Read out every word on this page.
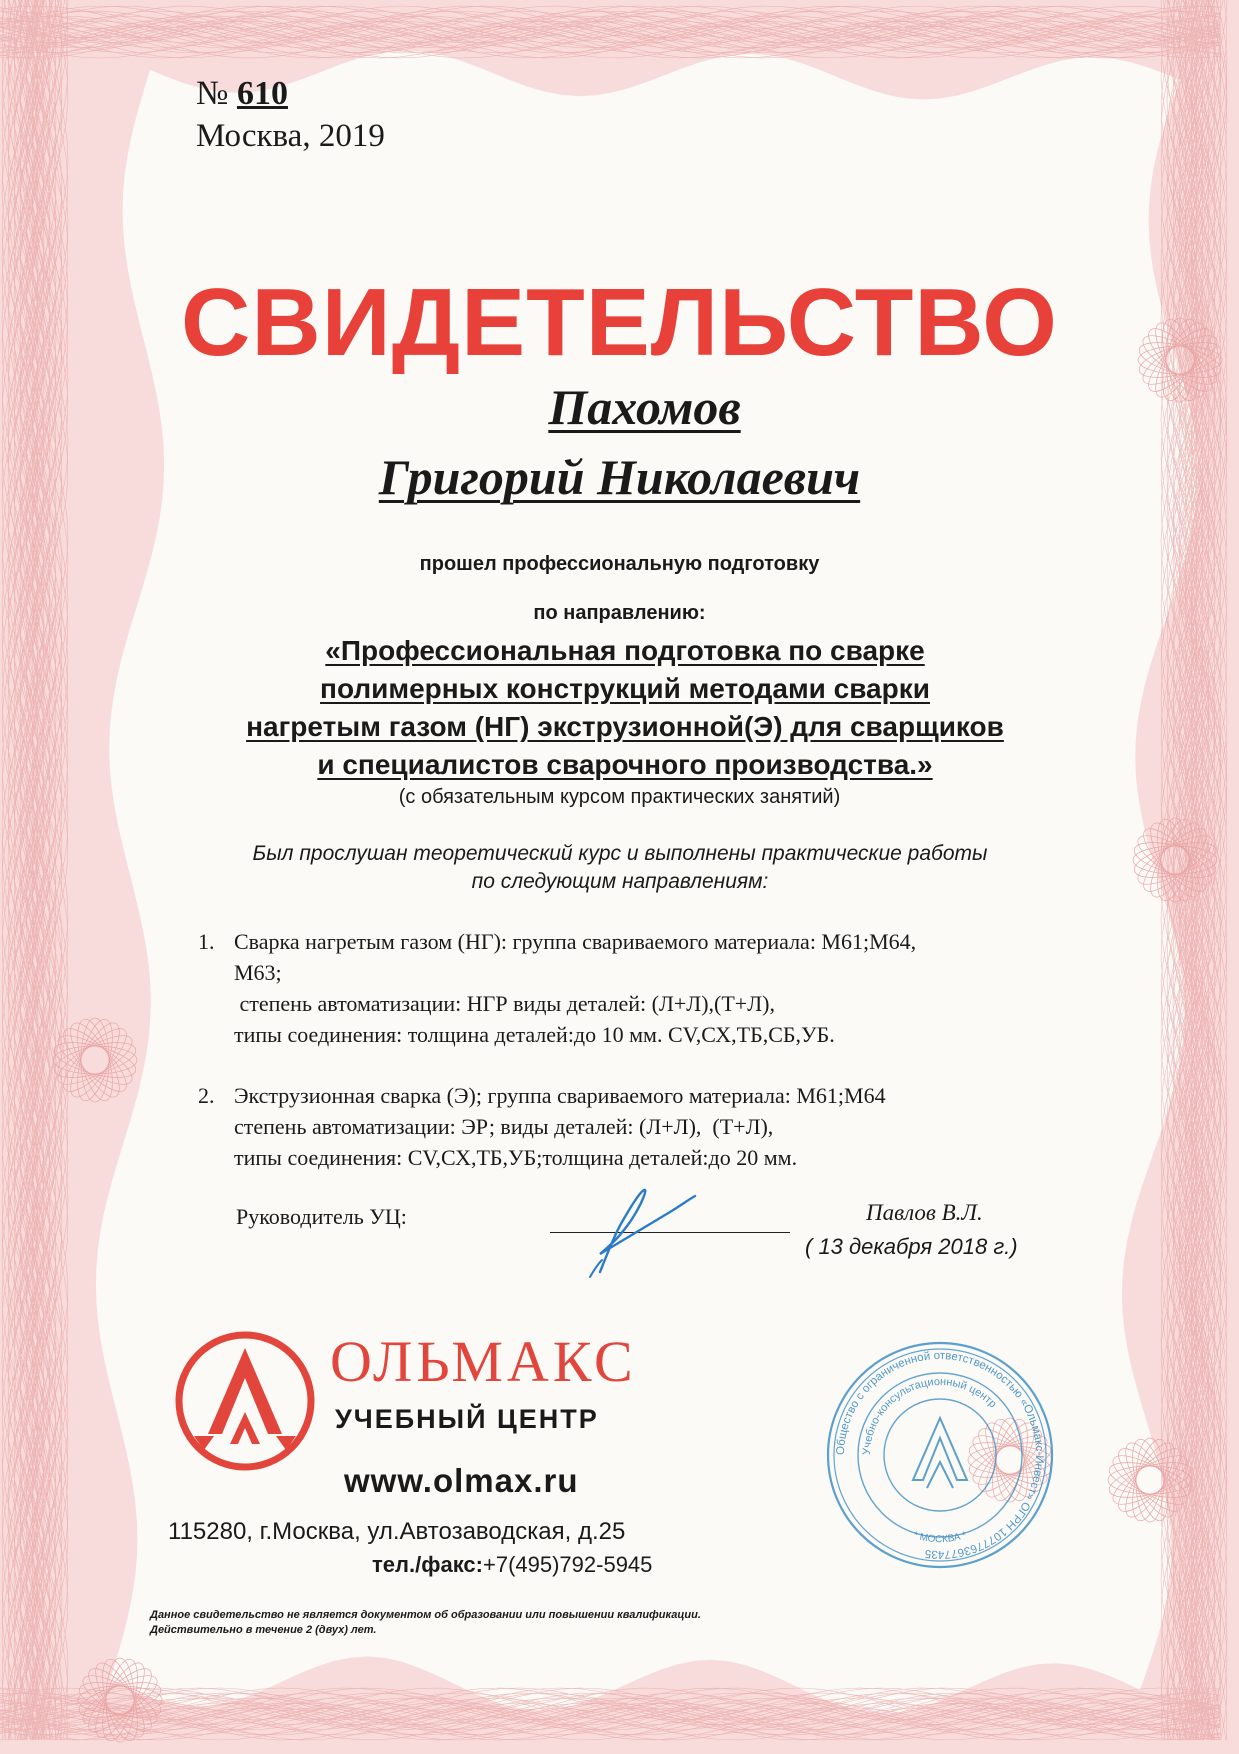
№ 610
Москва, 2019
СВИДЕТЕЛЬСТВО
Пахомов
Григорий Николаевич
прошел профессиональную подготовку
по направлению:
«Профессиональная подготовка по сварке
полимерных конструкций методами сварки
нагретым газом (НГ) экструзионной(Э) для сварщиков
и специалистов сварочного производства.»
(с обязательным курсом практических занятий)
Был прослушан теоретический курс и выполнены практические работы
по следующим направлениям:
1. Сварка нагретым газом (НГ): группа свариваемого материала: М61;М64,
М63;
степень автоматизации: НГР виды деталей: (Л+Л),(Т+Л),
типы соединения: толщина деталей:до 10 мм. CV,СХ,ТБ,СБ,УБ.
2. Экструзионная сварка (Э); группа свариваемого материала: М61;М64
степень автоматизации: ЭР; виды деталей: (Л+Л),  (Т+Л),
типы соединения: CV,СХ,ТБ,УБ;толщина деталей:до 20 мм.
Руководитель УЦ:	Павлов В.Л.
( 13 декабря 2018 г.)
ОЛЬМАКС
УЧЕБНЫЙ ЦЕНТР
www.olmax.ru
115280, г.Москва, ул.Автозаводская, д.25
тел./факс:+7(495)792-5945
Данное свидетельство не является документом об образовании или повышении квалификации.
Действительно в течение 2 (двух) лет.
Общество с ограниченной ответственностью «Ольмакс-Инвест» ОГРН 1077763677435
Учебно-консультационный центр
* МОСКВА *
